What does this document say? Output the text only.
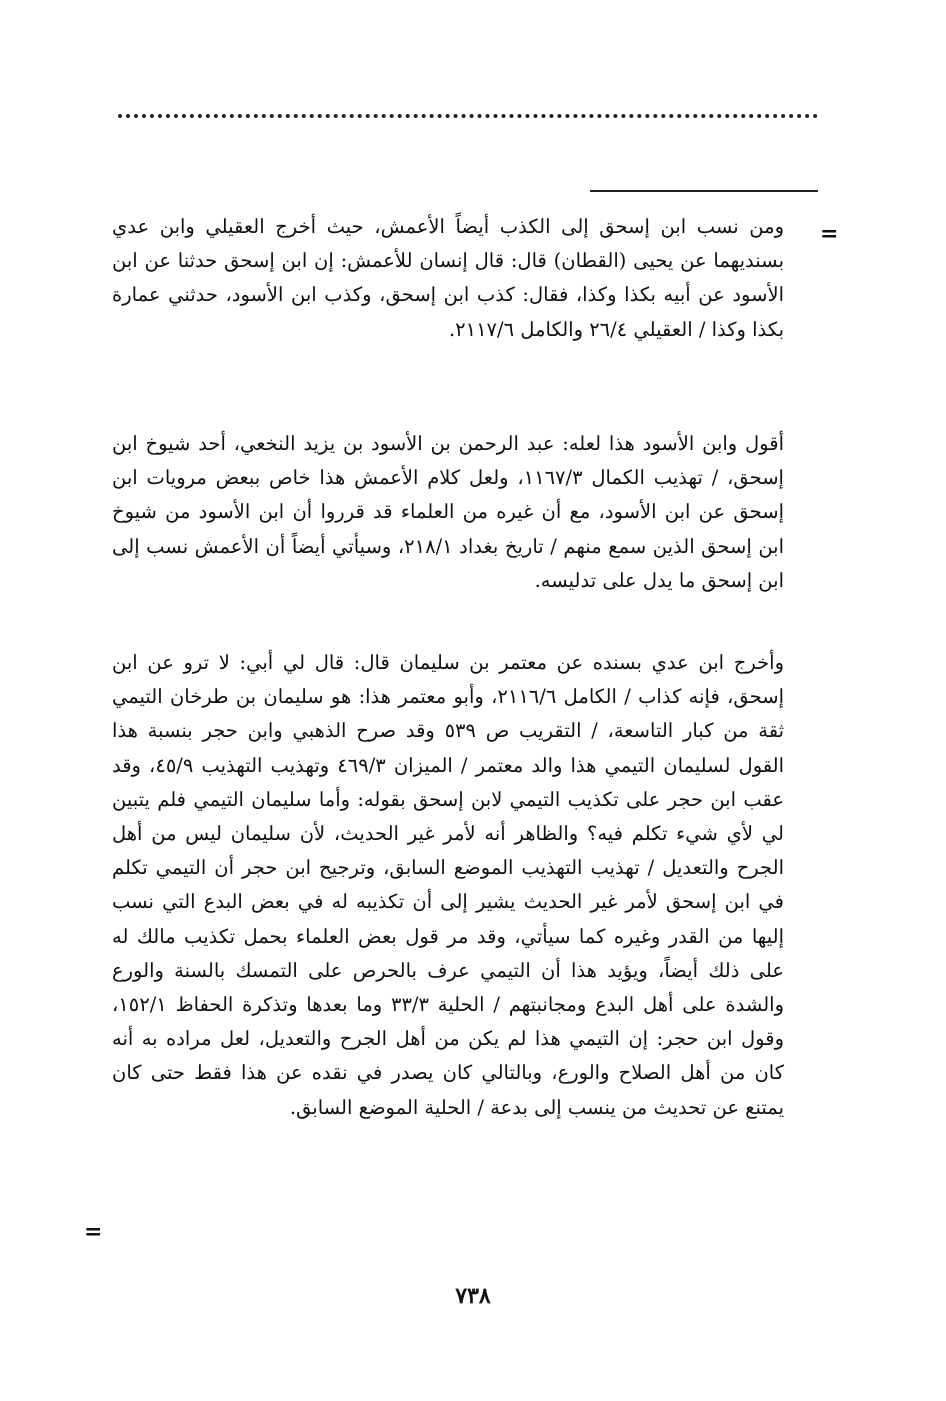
=
ومن نسب ابن إسحق إلى الكذب أيضاً الأعمش، حيث أخرج العقيلي وابن عدي بسنديهما عن يحيى (القطان) قال: قال إنسان للأعمش: إن ابن إسحق حدثنا عن ابن الأسود عن أبيه بكذا وكذا، فقال: كذب ابن إسحق، وكذب ابن الأسود، حدثني عمارة بكذا وكذا / العقيلي ٢٦/٤ والكامل ٢١١٧/٦.
أقول وابن الأسود هذا لعله: عبد الرحمن بن الأسود بن يزيد النخعي، أحد شيوخ ابن إسحق، / تهذيب الكمال ١١٦٧/٣، ولعل كلام الأعمش هذا خاص ببعض مرويات ابن إسحق عن ابن الأسود، مع أن غيره من العلماء قد قرروا أن ابن الأسود من شيوخ ابن إسحق الذين سمع منهم / تاريخ بغداد ٢١٨/١، وسيأتي أيضاً أن الأعمش نسب إلى ابن إسحق ما يدل على تدليسه.
وأخرج ابن عدي بسنده عن معتمر بن سليمان قال: قال لي أبي: لا ترو عن ابن إسحق، فإنه كذاب / الكامل ٢١١٦/٦، وأبو معتمر هذا: هو سليمان بن طرخان التيمي ثقة من كبار التاسعة، / التقريب ص ٥٣٩ وقد صرح الذهبي وابن حجر بنسبة هذا القول لسليمان التيمي هذا والد معتمر / الميزان ٤٦٩/٣ وتهذيب التهذيب ٤٥/٩، وقد عقب ابن حجر على تكذيب التيمي لابن إسحق بقوله: وأما سليمان التيمي فلم يتبين لي لأي شيء تكلم فيه؟ والظاهر أنه لأمر غير الحديث، لأن سليمان ليس من أهل الجرح والتعديل / تهذيب التهذيب الموضع السابق، وترجيح ابن حجر أن التيمي تكلم في ابن إسحق لأمر غير الحديث يشير إلى أن تكذيبه له في بعض البدع التي نسب إليها من القدر وغيره كما سيأتي، وقد مر قول بعض العلماء بحمل تكذيب مالك له على ذلك أيضاً، ويؤيد هذا أن التيمي عرف بالحرص على التمسك بالسنة والورع والشدة على أهل البدع ومجانبتهم / الحلية ٣٣/٣ وما بعدها وتذكرة الحفاظ ١٥٢/١، وقول ابن حجر: إن التيمي هذا لم يكن من أهل الجرح والتعديل، لعل مراده به أنه كان من أهل الصلاح والورع، وبالتالي كان يصدر في نقده عن هذا فقط حتى كان يمتنع عن تحديث من ينسب إلى بدعة / الحلية الموضع السابق.
=
٧٣٨
